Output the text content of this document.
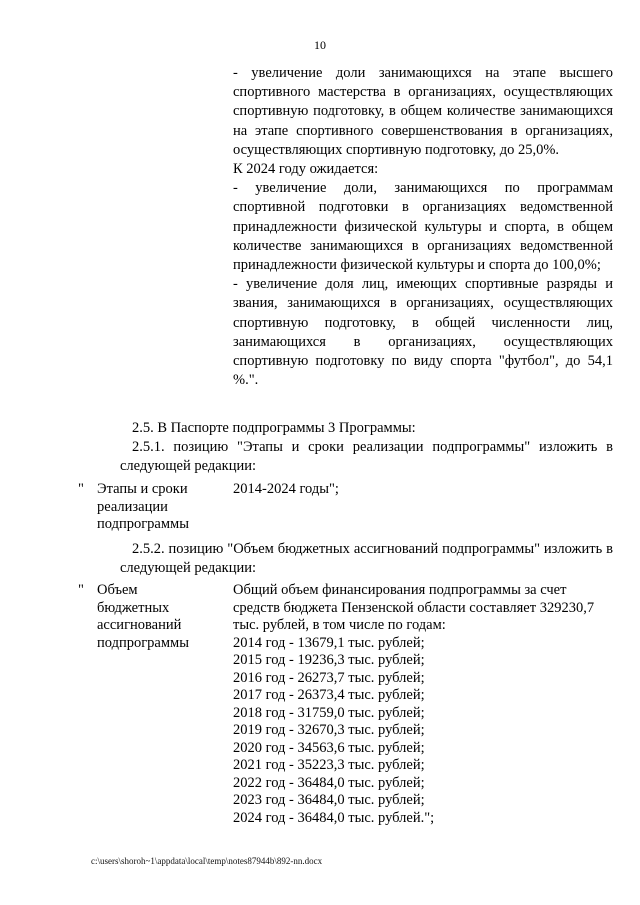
10

- увеличение доли занимающихся на этапе высшего спортивного мастерства в организациях, осуществляющих спортивную подготовку, в общем количестве занимающихся на этапе спортивного совершенствования в организациях, осуществляющих спортивную подготовку, до 25,0%.

К 2024 году ожидается:

- увеличение доли, занимающихся по программам спортивной подготовки в организациях ведомственной принадлежности физической культуры и спорта, в общем количестве занимающихся в организациях ведомственной принадлежности физической культуры и спорта до 100,0%;

- увеличение доля лиц, имеющих спортивные разряды и звания, занимающихся в организациях, осуществляющих спортивную подготовку, в общей численности лиц, занимающихся в организациях, осуществляющих спортивную подготовку по виду спорта "футбол", до 54,1 %.".

2.5. В Паспорте подпрограммы 3 Программы:

2.5.1. позицию "Этапы и сроки реализации подпрограммы" изложить в следующей редакции:

" Этапы и сроки
реализации
подпрограммы
2014-2024 годы";

2.5.2. позицию "Объем бюджетных ассигнований подпрограммы" изложить в следующей редакции:

" Объем
бюджетных
ассигнований
подпрограммы
Общий объем финансирования подпрограммы за счет
средств бюджета Пензенской области составляет 329230,7
тыс. рублей, в том числе по годам:
2014 год - 13679,1 тыс. рублей;
2015 год - 19236,3 тыс. рублей;
2016 год - 26273,7 тыс. рублей;
2017 год - 26373,4 тыс. рублей;
2018 год - 31759,0 тыс. рублей;
2019 год - 32670,3 тыс. рублей;
2020 год - 34563,6 тыс. рублей;
2021 год - 35223,3 тыс. рублей;
2022 год - 36484,0 тыс. рублей;
2023 год - 36484,0 тыс. рублей;
2024 год - 36484,0 тыс. рублей.";
c:\users\shoroh~1\appdata\local\temp\notes87944b\892-nn.docx
